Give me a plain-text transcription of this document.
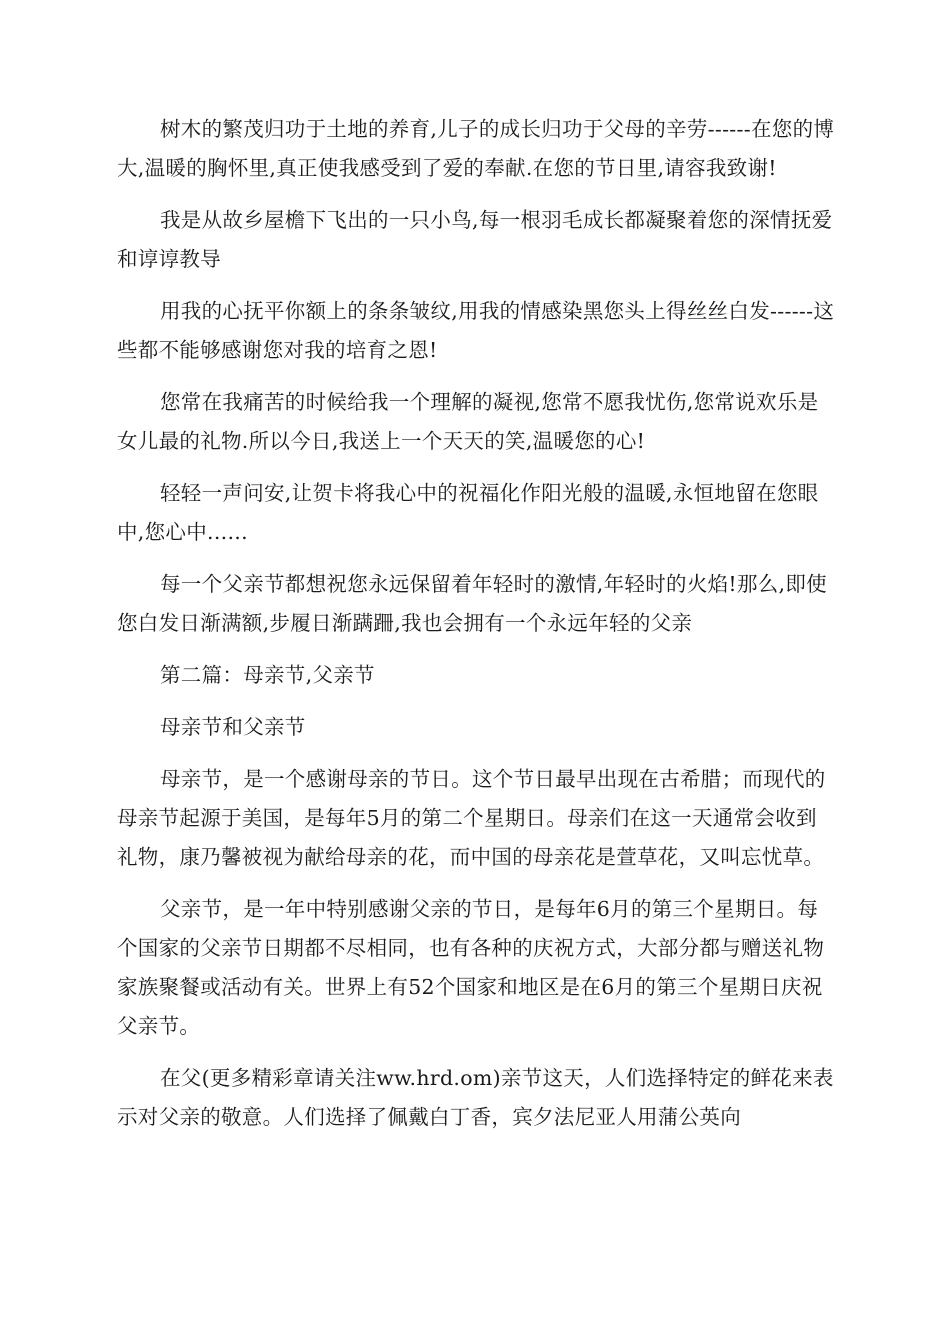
树木的繁茂归功于土地的养育,儿子的成长归功于父母的辛劳------在您的博大,温暖的胸怀里,真正使我感受到了爱的奉献.在您的节日里,请容我致谢!

我是从故乡屋檐下飞出的一只小鸟,每一根羽毛成长都凝聚着您的深情抚爱和谆谆教导

用我的心抚平你额上的条条皱纹,用我的情感染黑您头上得丝丝白发------这些都不能够感谢您对我的培育之恩!

您常在我痛苦的时候给我一个理解的凝视,您常不愿我忧伤,您常说欢乐是女儿最的礼物.所以今日,我送上一个天天的笑,温暖您的心!

轻轻一声问安,让贺卡将我心中的祝福化作阳光般的温暖,永恒地留在您眼中,您心中......

每一个父亲节都想祝您永远保留着年轻时的激情,年轻时的火焰!那么,即使您白发日渐满额,步履日渐蹒跚,我也会拥有一个永远年轻的父亲

第二篇：母亲节,父亲节

母亲节和父亲节

母亲节，是一个感谢母亲的节日。这个节日最早出现在古希腊；而现代的母亲节起源于美国，是每年5月的第二个星期日。母亲们在这一天通常会收到礼物，康乃馨被视为献给母亲的花，而中国的母亲花是萱草花，又叫忘忧草。

父亲节，是一年中特别感谢父亲的节日，是每年6月的第三个星期日。每个国家的父亲节日期都不尽相同，也有各种的庆祝方式，大部分都与赠送礼物家族聚餐或活动有关。世界上有52个国家和地区是在6月的第三个星期日庆祝父亲节。

在父(更多精彩章请关注ww.hrd.om)亲节这天，人们选择特定的鲜花来表示对父亲的敬意。人们选择了佩戴白丁香，宾夕法尼亚人用蒲公英向
